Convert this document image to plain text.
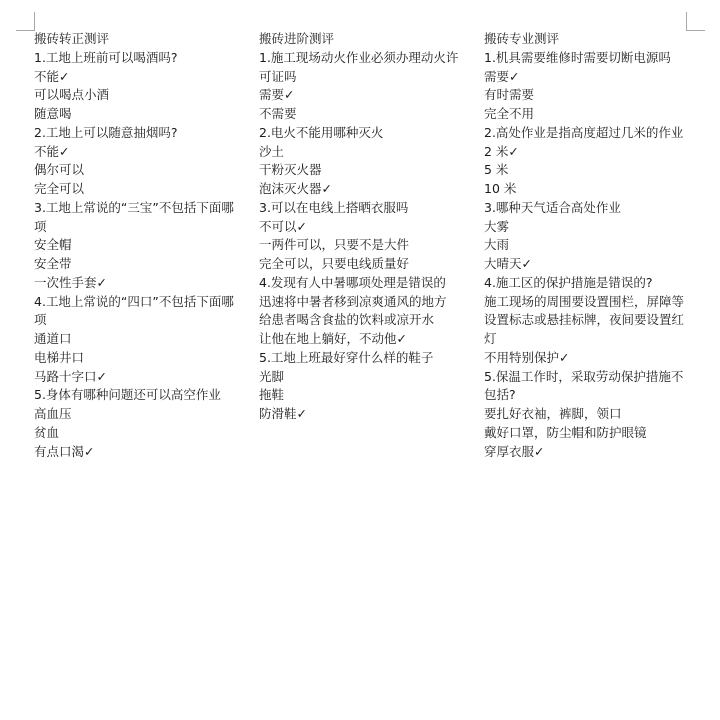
搬砖转正测评
1.工地上班前可以喝酒吗?
不能✓
可以喝点小酒
随意喝
2.工地上可以随意抽烟吗?
不能✓
偶尔可以
完全可以
3.工地上常说的“三宝”不包括下面哪项
安全帽
安全带
一次性手套✓
4.工地上常说的“四口”不包括下面哪项
通道口
电梯井口
马路十字口✓
5.身体有哪种问题还可以高空作业
高血压
贫血
有点口渴✓
搬砖进阶测评
1.施工现场动火作业必须办理动火许可证吗
需要✓
不需要
2.电火不能用哪种灭火
沙土
干粉灭火器
泡沫灭火器✓
3.可以在电线上搭晒衣服吗
不可以✓
一两件可以，只要不是大件
完全可以，只要电线质量好
4.发现有人中暑哪项处理是错误的
迅速将中暑者移到凉爽通风的地方
给患者喝含食盐的饮料或凉开水
让他在地上躺好，不动他✓
5.工地上班最好穿什么样的鞋子
光脚
拖鞋
防滑鞋✓
搬砖专业测评
1.机具需要维修时需要切断电源吗
需要✓
有时需要
完全不用
2.高处作业是指高度超过几米的作业
2 米✓
5 米
10 米
3.哪种天气适合高处作业
大雾
大雨
大晴天✓
4.施工区的保护措施是错误的?
施工现场的周围要设置围栏，屏障等设置标志或悬挂标牌，夜间要设置红灯
不用特别保护✓
5.保温工作时，采取劳动保护措施不包括?
要扎好衣袖，裤脚，领口
戴好口罩，防尘帽和防护眼镜
穿厚衣服✓
